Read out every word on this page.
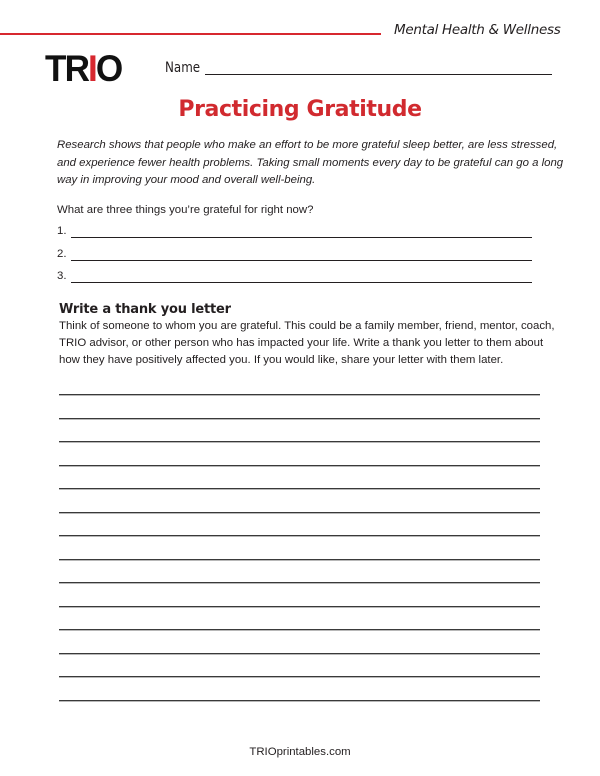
Mental Health & Wellness
TRIO	Name
Practicing Gratitude
Research shows that people who make an effort to be more grateful sleep better, are less stressed, and experience fewer health problems. Taking small moments every day to be grateful can go a long way in improving your mood and overall well-being.
What are three things you’re grateful for right now?
1.
2.
3.
Write a thank you letter
Think of someone to whom you are grateful. This could be a family member, friend, mentor, coach, TRIO advisor, or other person who has impacted your life. Write a thank you letter to them about how they have positively affected you. If you would like, share your letter with them later.
TRIOprintables.com
